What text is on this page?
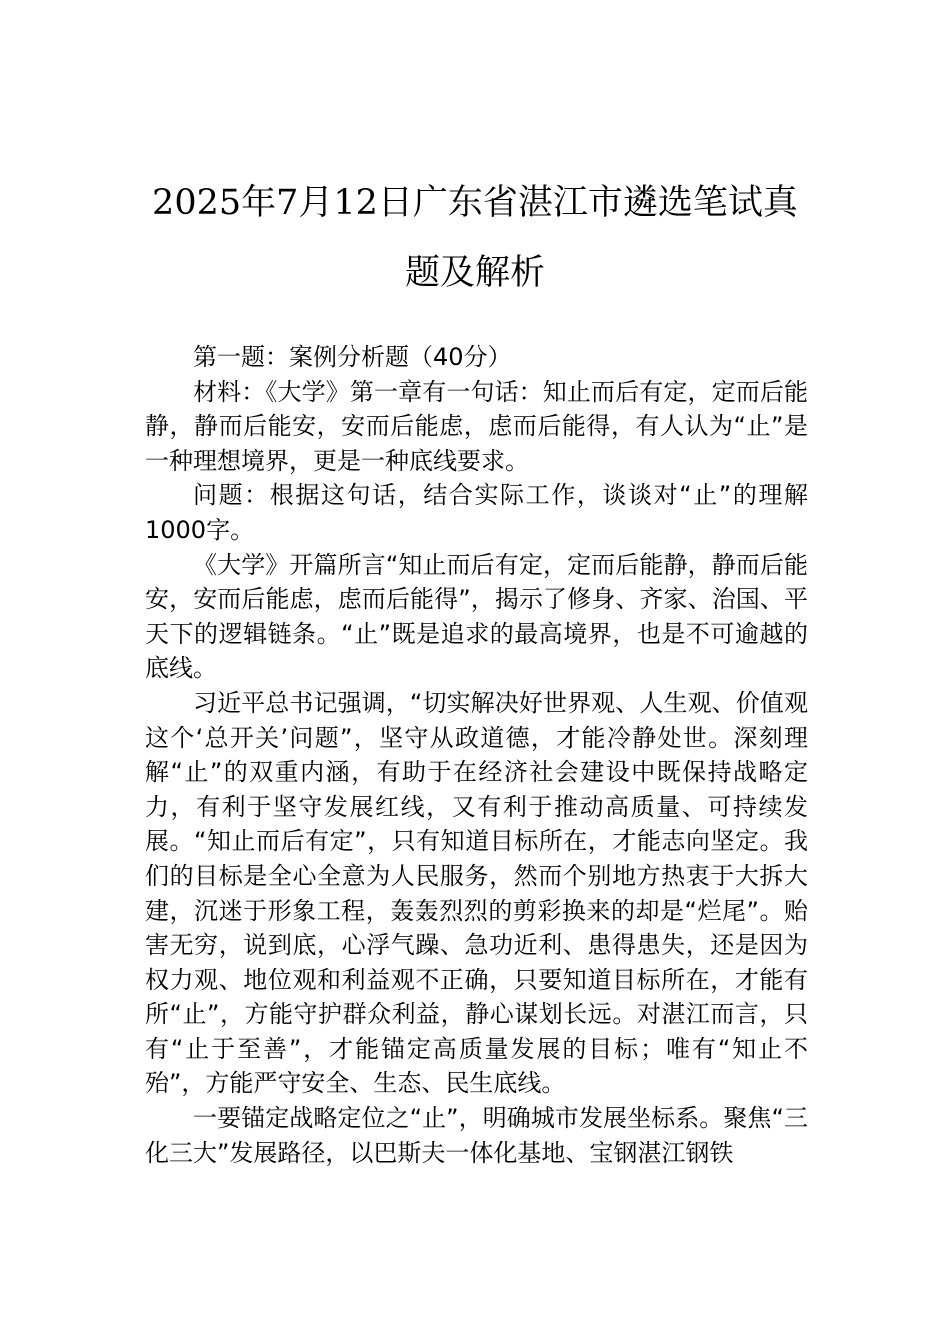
2025年7月12日广东省湛江市遴选笔试真
题及解析

第一题：案例分析题（40分）

材料：《大学》第一章有一句话：知止而后有定，定而后能静，静而后能安，安而后能虑，虑而后能得，有人认为“止”是一种理想境界，更是一种底线要求。

问题：根据这句话，结合实际工作，谈谈对“止”的理解1000字。

《大学》开篇所言“知止而后有定，定而后能静，静而后能安，安而后能虑，虑而后能得”，揭示了修身、齐家、治国、平天下的逻辑链条。“止”既是追求的最高境界，也是不可逾越的底线。

习近平总书记强调，“切实解决好世界观、人生观、价值观这个‘总开关’问题”，坚守从政道德，才能冷静处世。深刻理解“止”的双重内涵，有助于在经济社会建设中既保持战略定力，有利于坚守发展红线，又有利于推动高质量、可持续发展。“知止而后有定”，只有知道目标所在，才能志向坚定。我们的目标是全心全意为人民服务，然而个别地方热衷于大拆大建，沉迷于形象工程，轰轰烈烈的剪彩换来的却是“烂尾”。贻害无穷，说到底，心浮气躁、急功近利、患得患失，还是因为权力观、地位观和利益观不正确，只要知道目标所在，才能有所“止”，方能守护群众利益，静心谋划长远。对湛江而言，只有“止于至善”，才能锚定高质量发展的目标；唯有“知止不殆”，方能严守安全、生态、民生底线。

一要锚定战略定位之“止”，明确城市发展坐标系。聚焦“三化三大”发展路径，以巴斯夫一体化基地、宝钢湛江钢铁
